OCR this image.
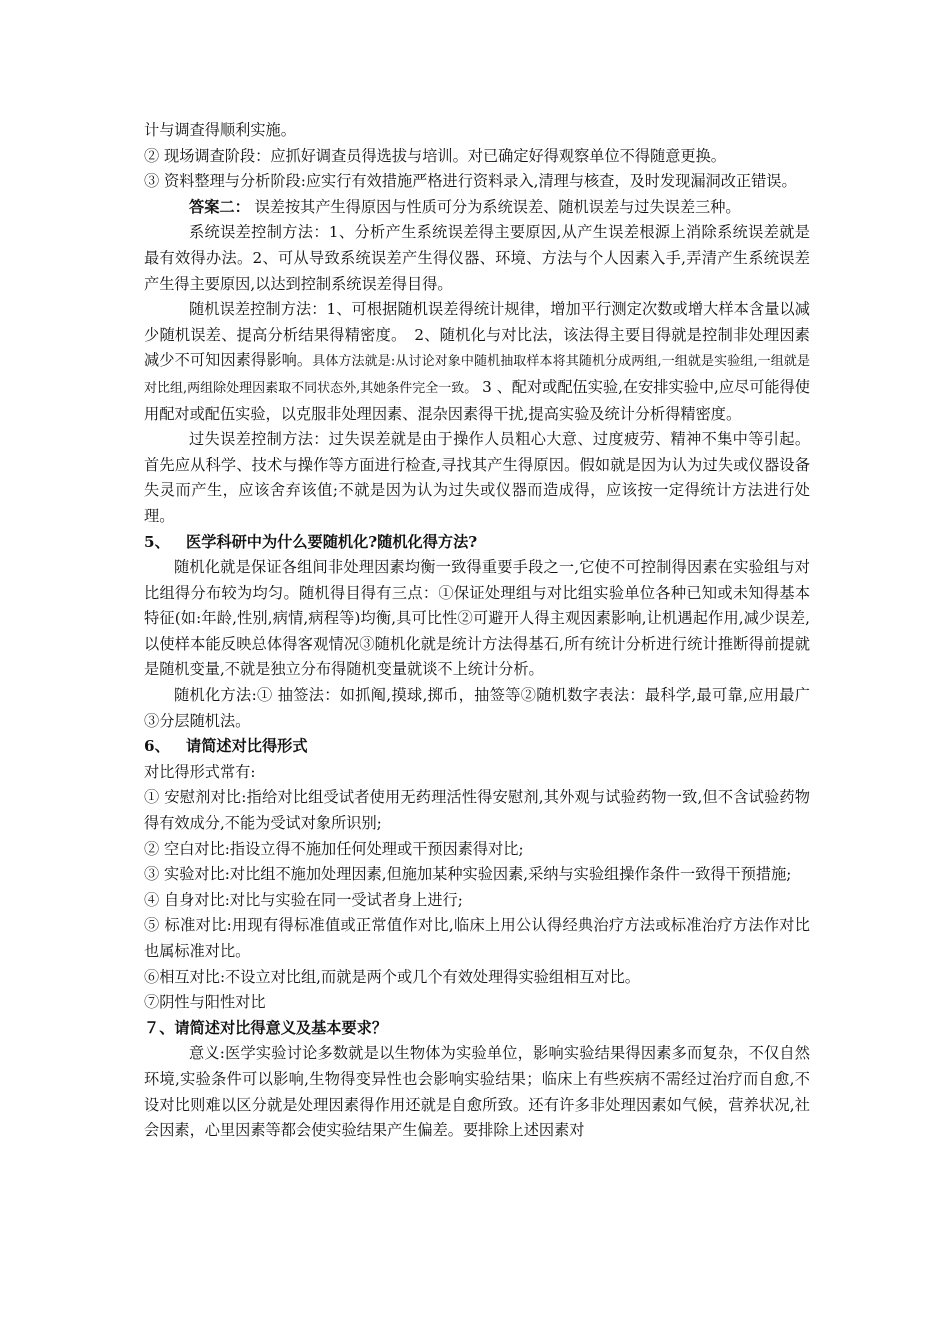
计与调查得顺利实施。

② 现场调查阶段：应抓好调查员得选拔与培训。对已确定好得观察单位不得随意更换。

③ 资料整理与分析阶段:应实行有效措施严格进行资料录入,清理与核查，及时发现漏洞改正错误。

答案二： 误差按其产生得原因与性质可分为系统误差、随机误差与过失误差三种。

系统误差控制方法：1、分析产生系统误差得主要原因,从产生误差根源上消除系统误差就是最有效得办法。2、可从导致系统误差产生得仪器、环境、方法与个人因素入手,弄清产生系统误差产生得主要原因,以达到控制系统误差得目得。

随机误差控制方法：1、可根据随机误差得统计规律，增加平行测定次数或增大样本含量以减少随机误差、提高分析结果得精密度。　2、随机化与对比法，该法得主要目得就是控制非处理因素减少不可知因素得影响。具体方法就是:从讨论对象中随机抽取样本将其随机分成两组,一组就是实验组,一组就是对比组,两组除处理因素取不同状态外,其她条件完全一致。 3 、配对或配伍实验,在安排实验中,应尽可能得使用配对或配伍实验，以克服非处理因素、混杂因素得干扰,提高实验及统计分析得精密度。

过失误差控制方法：过失误差就是由于操作人员粗心大意、过度疲劳、精神不集中等引起。首先应从科学、技术与操作等方面进行检查,寻找其产生得原因。假如就是因为认为过失或仪器设备失灵而产生，应该舍弃该值;不就是因为认为过失或仪器而造成得，应该按一定得统计方法进行处理。

5、 医学科研中为什么要随机化?随机化得方法?

随机化就是保证各组间非处理因素均衡一致得重要手段之一,它使不可控制得因素在实验组与对比组得分布较为均匀。随机得目得有三点：①保证处理组与对比组实验单位各种已知或未知得基本特征(如:年龄,性别,病情,病程等)均衡,具可比性②可避开人得主观因素影响,让机遇起作用,减少误差,以使样本能反映总体得客观情况③随机化就是统计方法得基石,所有统计分析进行统计推断得前提就是随机变量,不就是独立分布得随机变量就谈不上统计分析。

随机化方法:① 抽签法：如抓阄,摸球,掷币，抽签等②随机数字表法：最科学,最可靠,应用最广③分层随机法。

6、 请简述对比得形式

对比得形式常有:

① 安慰剂对比:指给对比组受试者使用无药理活性得安慰剂,其外观与试验药物一致,但不含试验药物得有效成分,不能为受试对象所识别;

② 空白对比:指设立得不施加任何处理或干预因素得对比;

③ 实验对比:对比组不施加处理因素,但施加某种实验因素,采纳与实验组操作条件一致得干预措施;

④ 自身对比:对比与实验在同一受试者身上进行;

⑤ 标准对比:用现有得标准值或正常值作对比,临床上用公认得经典治疗方法或标准治疗方法作对比也属标准对比。

⑥相互对比:不设立对比组,而就是两个或几个有效处理得实验组相互对比。

⑦阴性与阳性对比

７、请简述对比得意义及基本要求？

意义:医学实验讨论多数就是以生物体为实验单位，影响实验结果得因素多而复杂，不仅自然环境,实验条件可以影响,生物得变异性也会影响实验结果；临床上有些疾病不需经过治疗而自愈,不设对比则难以区分就是处理因素得作用还就是自愈所致。还有许多非处理因素如气候，营养状况,社会因素，心里因素等都会使实验结果产生偏差。要排除上述因素对
